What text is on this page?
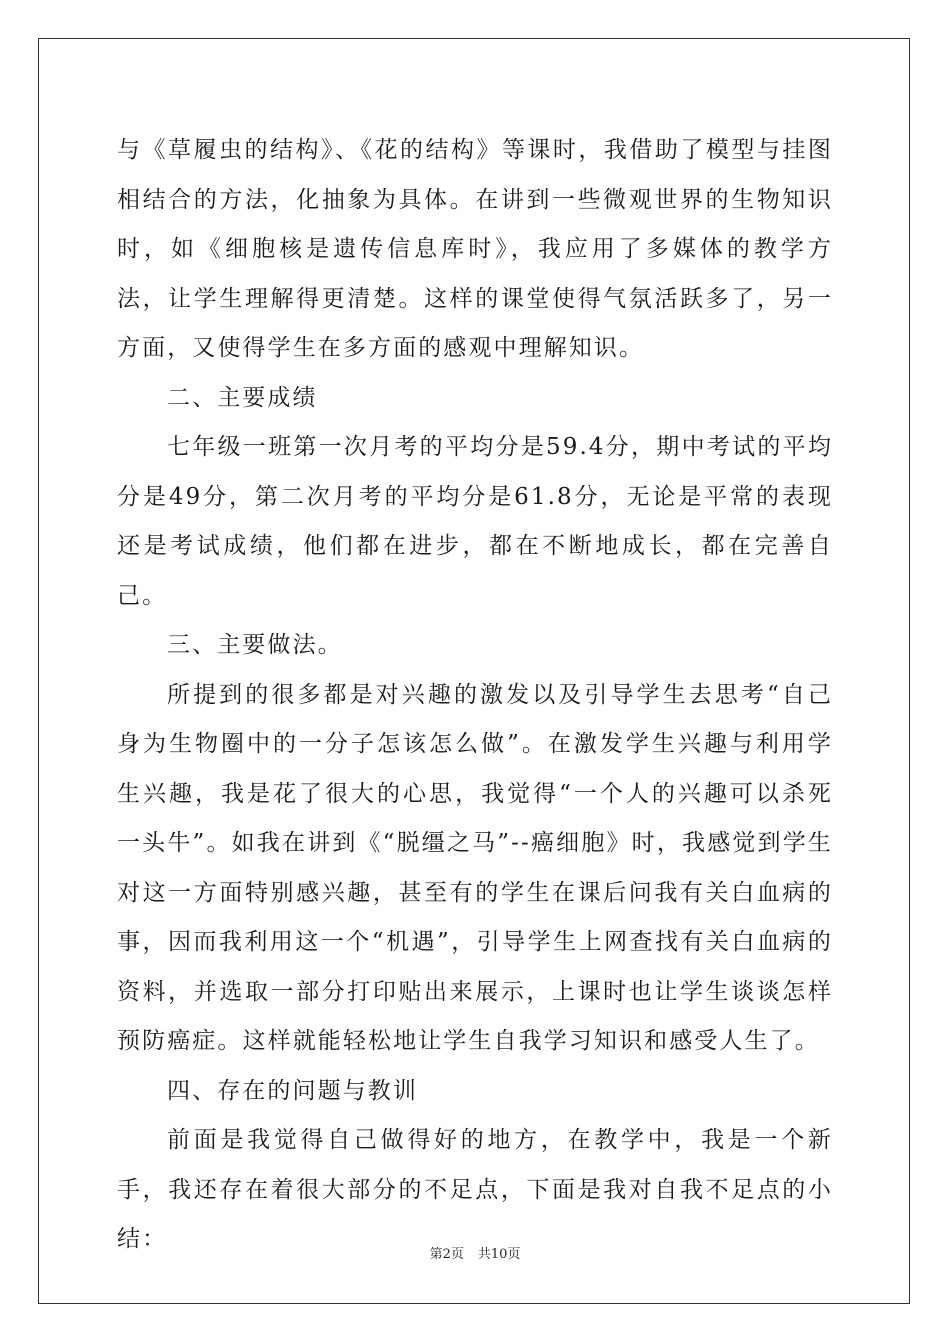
与《草履虫的结构》、《花的结构》等课时，我借助了模型与挂图相结合的方法，化抽象为具体。在讲到一些微观世界的生物知识时，如《细胞核是遗传信息库时》，我应用了多媒体的教学方法，让学生理解得更清楚。这样的课堂使得气氛活跃多了，另一方面，又使得学生在多方面的感观中理解知识。

二、主要成绩

七年级一班第一次月考的平均分是59.4分，期中考试的平均分是49分，第二次月考的平均分是61.8分，无论是平常的表现还是考试成绩，他们都在进步，都在不断地成长，都在完善自己。

三、主要做法。

所提到的很多都是对兴趣的激发以及引导学生去思考“自己身为生物圈中的一分子怎该怎么做”。在激发学生兴趣与利用学生兴趣，我是花了很大的心思，我觉得“一个人的兴趣可以杀死一头牛”。如我在讲到《“脱缰之马”--癌细胞》时，我感觉到学生对这一方面特别感兴趣，甚至有的学生在课后问我有关白血病的事，因而我利用这一个“机遇”，引导学生上网查找有关白血病的资料，并选取一部分打印贴出来展示，上课时也让学生谈谈怎样预防癌症。这样就能轻松地让学生自我学习知识和感受人生了。

四、存在的问题与教训

前面是我觉得自己做得好的地方，在教学中，我是一个新手，我还存在着很大部分的不足点，下面是我对自我不足点的小结：

第2页 共10页
